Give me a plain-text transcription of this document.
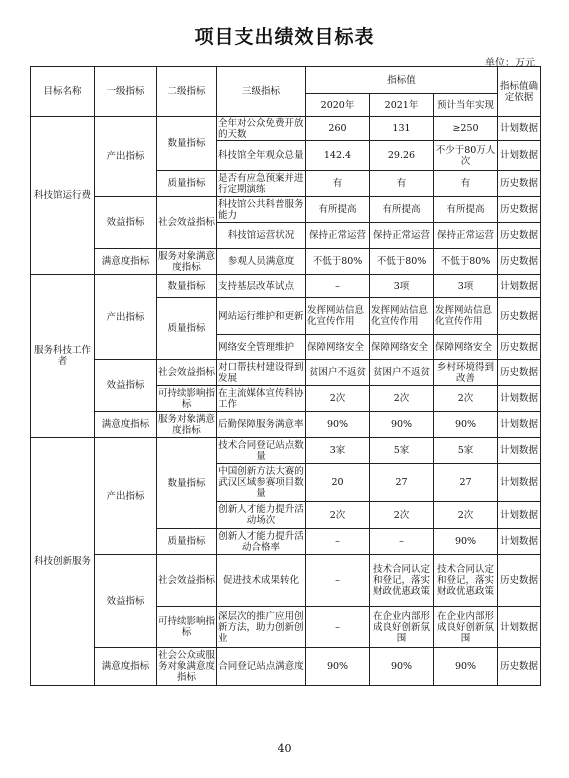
项目支出绩效目标表
单位：万元
目标名称	一级指标	二级指标	三级指标	指标值			指标值确定依据
				2020年	2021年	预计当年实现	
科技馆运行费	产出指标	数量指标	全年对公众免费开放的天数	260	131	≥250	计划数据
			科技馆全年观众总量	142.4	29.26	不少于80万人次	计划数据
		质量指标	是否有应急预案并进行定期演练	有	有	有	历史数据
	效益指标	社会效益指标	科技馆公共科普服务能力	有所提高	有所提高	有所提高	历史数据
			科技馆运营状况	保持正常运营	保持正常运营	保持正常运营	历史数据
	满意度指标	服务对象满意度指标	参观人员满意度	不低于80%	不低于80%	不低于80%	历史数据
服务科技工作者	产出指标	数量指标	支持基层改革试点	–	3项	3项	计划数据
		质量指标	网站运行维护和更新	发挥网站信息化宣传作用	发挥网站信息化宣传作用	发挥网站信息化宣传作用	历史数据
			网络安全管理维护	保障网络安全	保障网络安全	保障网络安全	历史数据
	效益指标	社会效益指标	对口帮扶村建设得到发展	贫困户不返贫	贫困户不返贫	乡村环境得到改善	历史数据
		可持续影响指标	在主流媒体宣传科协工作	2次	2次	2次	计划数据
	满意度指标	服务对象满意度指标	后勤保障服务满意率	90%	90%	90%	计划数据
科技创新服务	产出指标	数量指标	技术合同登记站点数量	3家	5家	5家	计划数据
			中国创新方法大赛的武汉区域参赛项目数量	20	27	27	计划数据
			创新人才能力提升活动场次	2次	2次	2次	计划数据
		质量指标	创新人才能力提升活动合格率	–	–	90%	计划数据
	效益指标	社会效益指标	促进技术成果转化	–	技术合同认定和登记，落实财政优惠政策	技术合同认定和登记，落实财政优惠政策	历史数据
		可持续影响指标	深层次的推广应用创新方法，助力创新创业	–	在企业内部形成良好创新氛围	在企业内部形成良好创新氛围	计划数据
	满意度指标	社会公众或服务对象满意度指标	合同登记站点满意度	90%	90%	90%	历史数据
40
